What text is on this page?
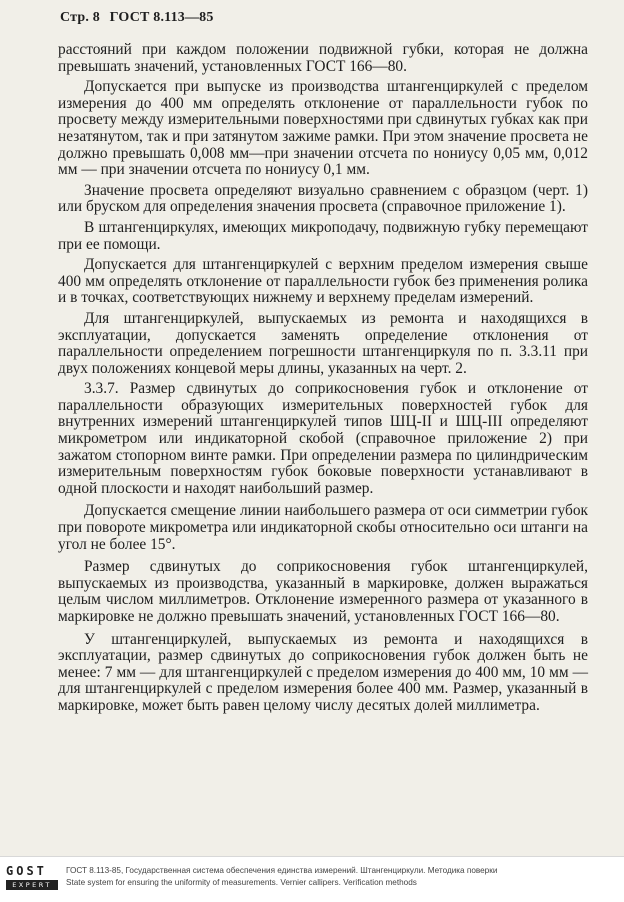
Стр. 8 ГОСТ 8.113—85

расстояний при каждом положении подвижной губки, которая не должна превышать значений, установленных ГОСТ 166—80.

Допускается при выпуске из производства штангенциркулей с пределом измерения до 400 мм определять отклонение от параллельности губок по просвету между измерительными поверхностями при сдвинутых губках как при незатянутом, так и при затянутом зажиме рамки. При этом значение просвета не должно превышать 0,008 мм—при значении отсчета по нониусу 0,05 мм, 0,012 мм — при значении отсчета по нониусу 0,1 мм.

Значение просвета определяют визуально сравнением с образцом (черт. 1) или бруском для определения значения просвета (справочное приложение 1).

В штангенциркулях, имеющих микроподачу, подвижную губку перемещают при ее помощи.

Допускается для штангенциркулей с верхним пределом измерения свыше 400 мм определять отклонение от параллельности губок без применения ролика и в точках, соответствующих нижнему и верхнему пределам измерений.

Для штангенциркулей, выпускаемых из ремонта и находящихся в эксплуатации, допускается заменять определение отклонения от параллельности определением погрешности штангенциркуля по п. 3.3.11 при двух положениях концевой меры длины, указанных на черт. 2.

3.3.7. Размер сдвинутых до соприкосновения губок и отклонение от параллельности образующих измерительных поверхностей губок для внутренних измерений штангенциркулей типов ШЦ-II и ШЦ-III определяют микрометром или индикаторной скобой (справочное приложение 2) при зажатом стопорном винте рамки. При определении размера по цилиндрическим измерительным поверхностям губок боковые поверхности устанавливают в одной плоскости и находят наибольший размер.

Допускается смещение линии наибольшего размера от оси симметрии губок при повороте микрометра или индикаторной скобы относительно оси штанги на угол не более 15°.

Размер сдвинутых до соприкосновения губок штангенциркулей, выпускаемых из производства, указанный в маркировке, должен выражаться целым числом миллиметров. Отклонение измеренного размера от указанного в маркировке не должно превышать значений, установленных ГОСТ 166—80.

У штангенциркулей, выпускаемых из ремонта и находящихся в эксплуатации, размер сдвинутых до соприкосновения губок должен быть не менее: 7 мм — для штангенциркулей с пределом измерения до 400 мм, 10 мм — для штангенциркулей с пределом измерения более 400 мм. Размер, указанный в маркировке, может быть равен целому числу десятых долей миллиметра.

GOST
EXPERT
ГОСТ 8.113-85, Государственная система обеспечения единства измерений. Штангенциркули. Методика поверки
State system for ensuring the uniformity of measurements. Vernier callipers. Verification methods
